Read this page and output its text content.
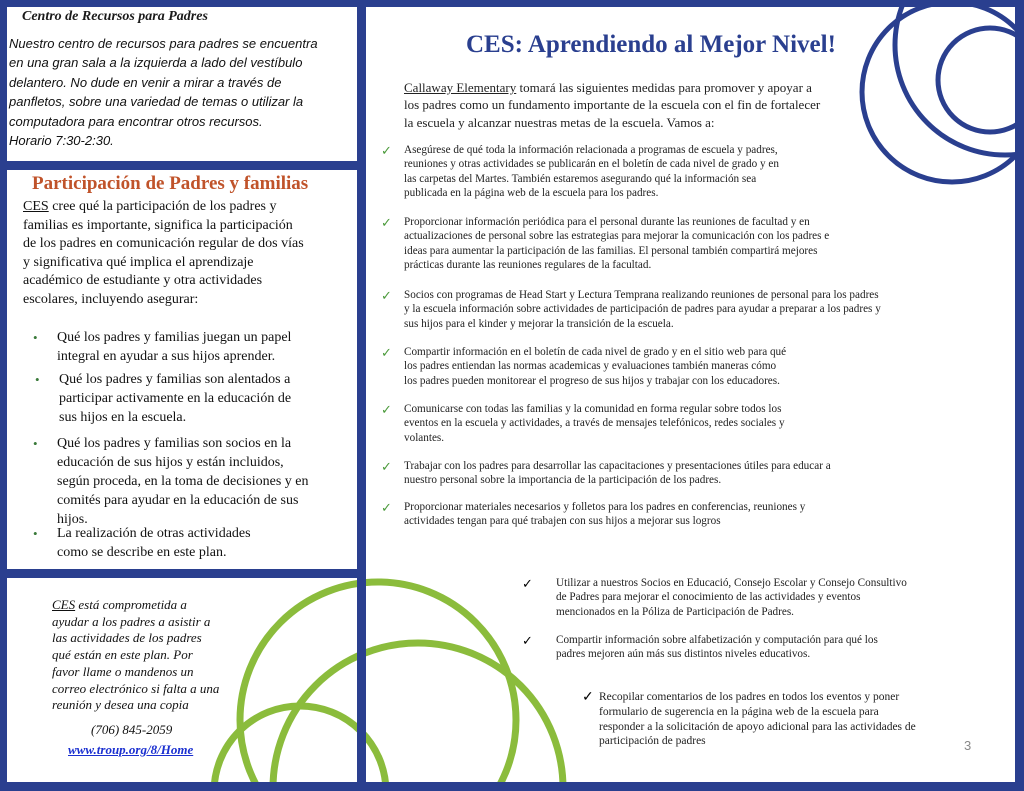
Centro de Recursos para Padres
Nuestro centro de recursos para padres se encuentra
en una gran sala a la izquierda a lado del vestíbulo
delantero. No dude en venir a mirar a través de
panfletos, sobre una variedad de temas o utilizar la
computadora para encontrar otros recursos.
Horario 7:30-2:30.
Participación de Padres y familias
CES cree qué la participación de los padres y
familias es importante, significa la participación
de los padres en comunicación regular de dos vías
y significativa qué implica el aprendizaje
académico de estudiante y otra actividades
escolares, incluyendo asegurar:
• Qué los padres y familias juegan un papel
integral en ayudar a sus hijos aprender.
• Qué los padres y familias son alentados a
participar activamente en la educación de
sus hijos en la escuela.
• Qué los padres y familias son socios en la
educación de sus hijos y están incluidos,
según proceda, en la toma de decisiones y en
comités para ayudar en la educación de sus
hijos.
• La realización de otras actividades
como se describe en este plan.
CES está comprometida a
ayudar a los padres a asistir a
las actividades de los padres
qué están en este plan. Por
favor llame o mandenos un
correo electrónico si falta a una
reunión y desea una copia
(706) 845-2059
www.troup.org/8/Home
CES: Aprendiendo al Mejor Nivel!
Callaway Elementary tomará las siguientes medidas para promover y apoyar a
los padres como un fundamento importante de la escuela con el fin de fortalecer
la escuela y alcanzar nuestras metas de la escuela. Vamos a:
✓ Asegúrese de qué toda la información relacionada a programas de escuela y padres,
reuniones y otras actividades se publicarán en el boletín de cada nivel de grado y en
las carpetas del Martes. También estaremos asegurando qué la información sea
publicada en la página web de la escuela para los padres.
✓ Proporcionar información periódica para el personal durante las reuniones de facultad y en
actualizaciones de personal sobre las estrategias para mejorar la comunicación con los padres e
ideas para aumentar la participación de las familias. El personal también compartirá mejores
prácticas durante las reuniones regulares de la facultad.
✓ Socios con programas de Head Start y Lectura Temprana realizando reuniones de personal para los padres
y la escuela información sobre actividades de participación de padres para ayudar a preparar a los padres y
sus hijos para el kinder y mejorar la transición de la escuela.
✓ Compartir información en el boletín de cada nivel de grado y en el sitio web para qué
los padres entiendan las normas academicas y evaluaciones también maneras cómo
los padres pueden monitorear el progreso de sus hijos y trabajar con los educadores.
✓ Comunicarse con todas las familias y la comunidad en forma regular sobre todos los
eventos en la escuela y actividades, a través de mensajes telefónicos, redes sociales y
volantes.
✓ Trabajar con los padres para desarrollar las capacitaciones y presentaciones útiles para educar a
nuestro personal sobre la importancia de la participación de los padres.
✓ Proporcionar materiales necesarios y folletos para los padres en conferencias, reuniones y
actividades tengan para qué trabajen con sus hijos a mejorar sus logros
✓ Utilizar a nuestros Socios en Educació, Consejo Escolar y Consejo Consultivo
de Padres para mejorar el conocimiento de las actividades y eventos
mencionados en la Póliza de Participación de Padres.
✓ Compartir información sobre alfabetización y computación para qué los
padres mejoren aún más sus distintos niveles educativos.
✓ Recopilar comentarios de los padres en todos los eventos y poner
formulario de sugerencia en la página web de la escuela para
responder a la solicitación de apoyo adicional para las actividades de
participación de padres	3
